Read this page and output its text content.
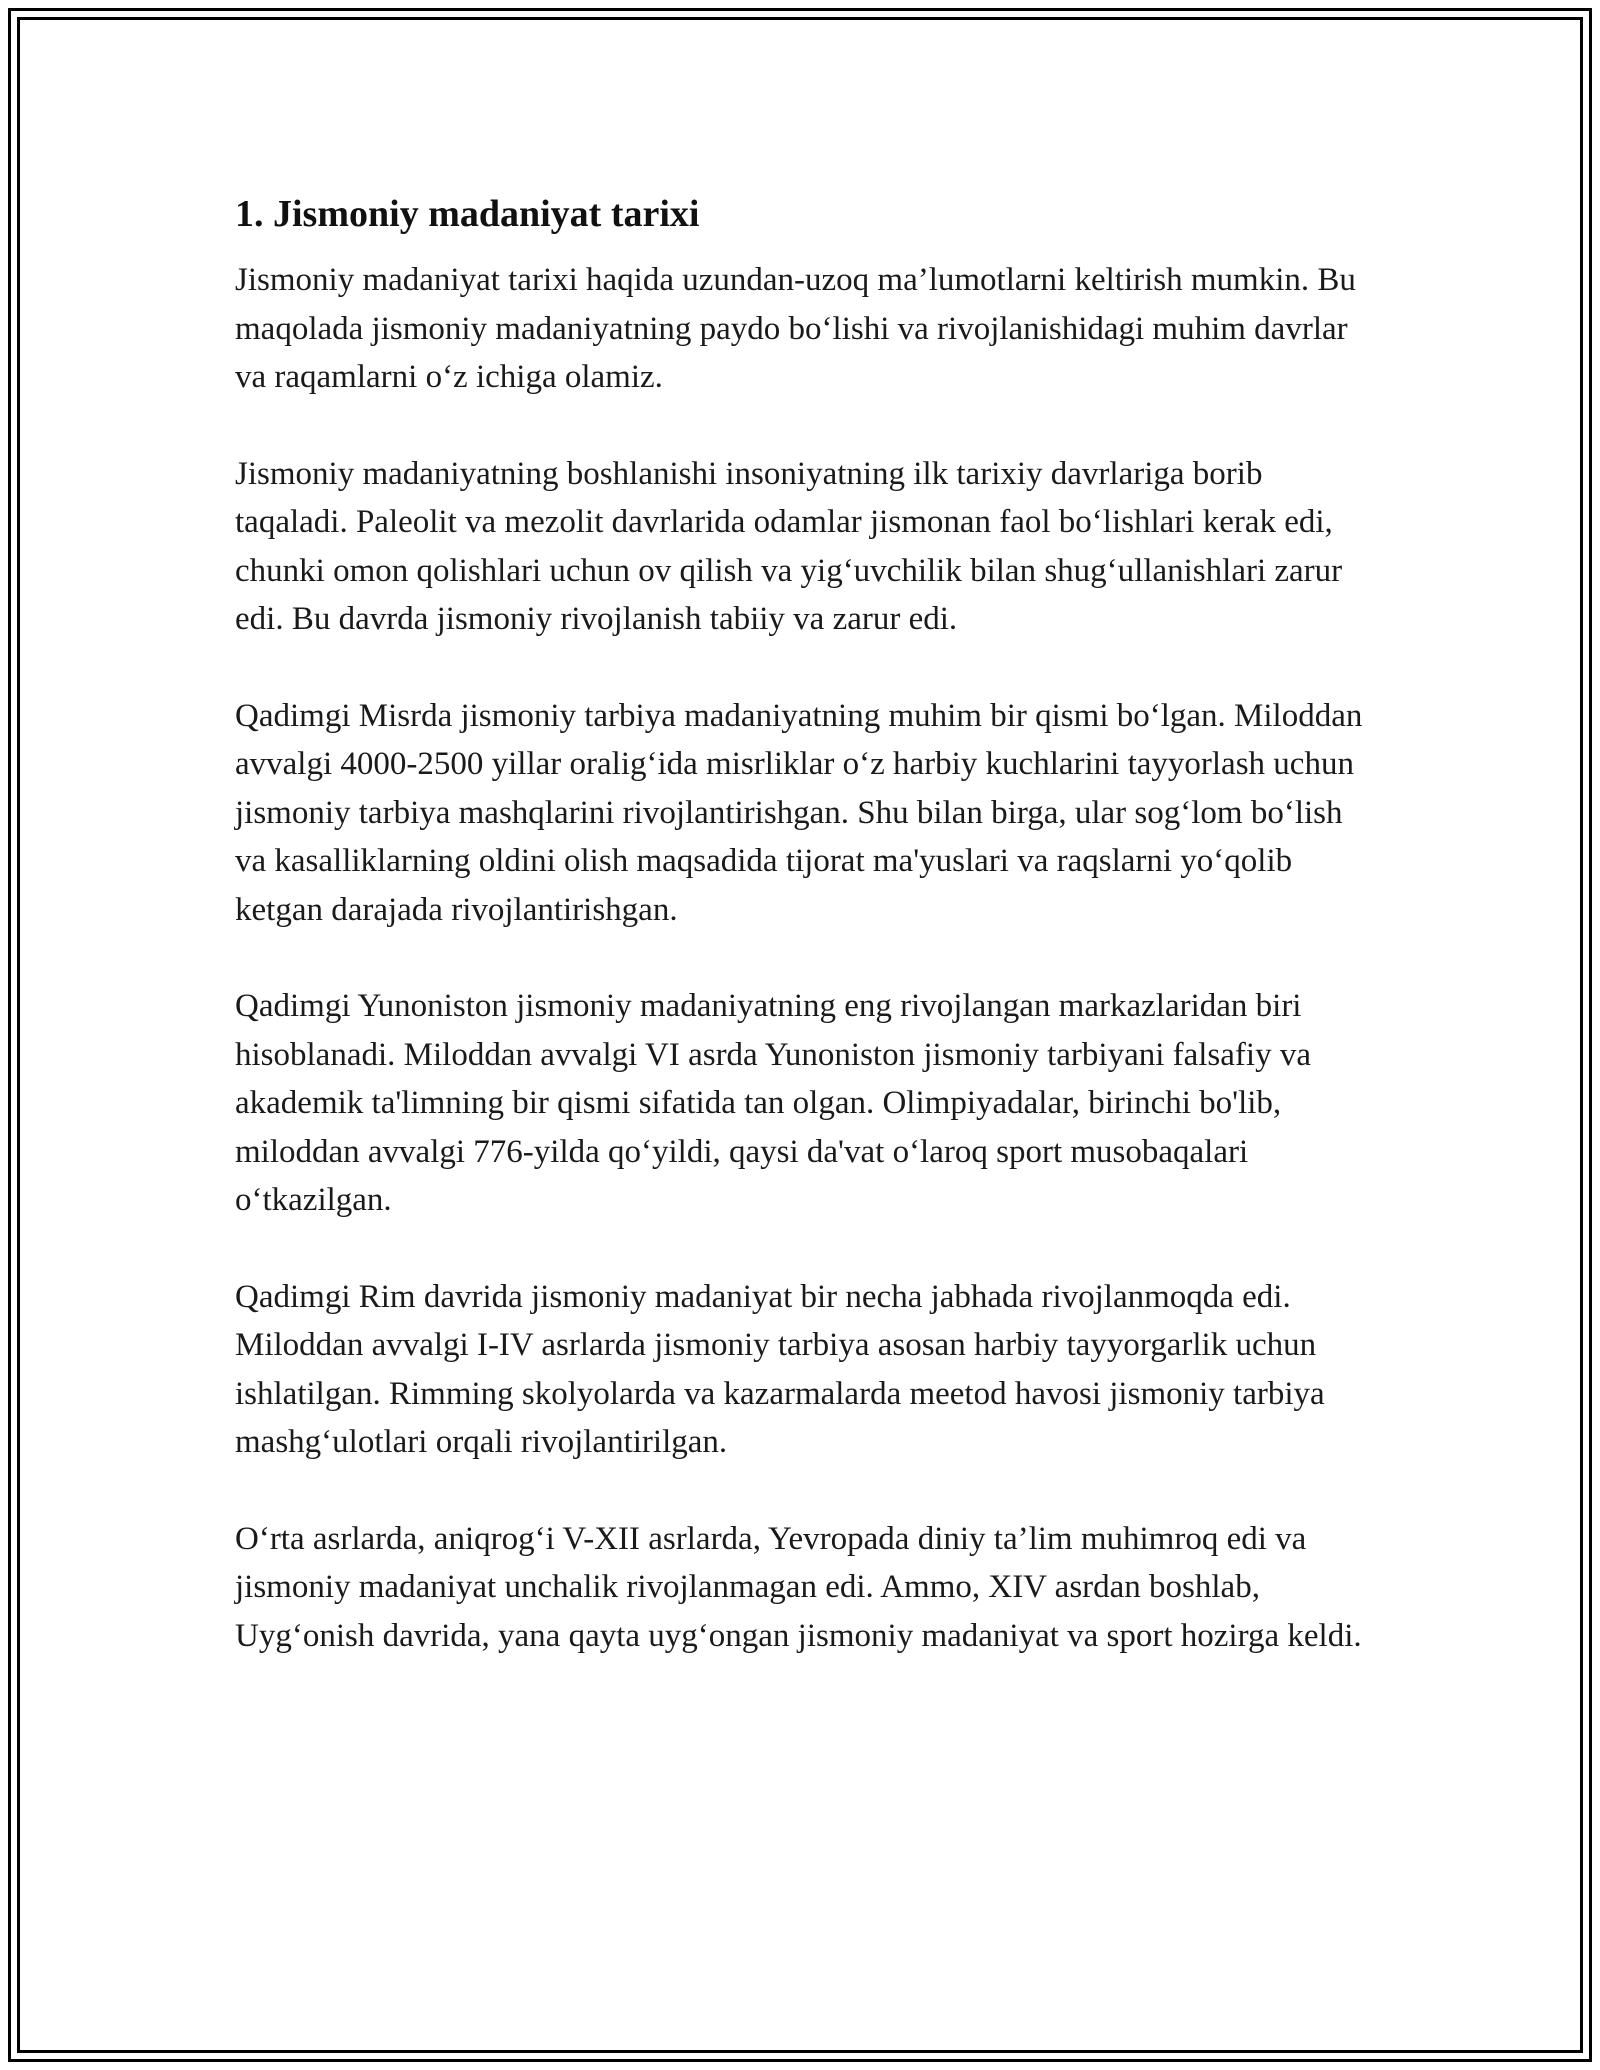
1. Jismoniy madaniyat tarixi

Jismoniy madaniyat tarixi haqida uzundan-uzoq ma’lumotlarni keltirish mumkin. Bu maqolada jismoniy madaniyatning paydo bo‘lishi va rivojlanishidagi muhim davrlar va raqamlarni o‘z ichiga olamiz.

Jismoniy madaniyatning boshlanishi insoniyatning ilk tarixiy davrlariga borib taqaladi. Paleolit va mezolit davrlarida odamlar jismonan faol bo‘lishlari kerak edi, chunki omon qolishlari uchun ov qilish va yig‘uvchilik bilan shug‘ullanishlari zarur edi. Bu davrda jismoniy rivojlanish tabiiy va zarur edi.

Qadimgi Misrda jismoniy tarbiya madaniyatning muhim bir qismi bo‘lgan. Miloddan avvalgi 4000-2500 yillar oralig‘ida misrliklar o‘z harbiy kuchlarini tayyorlash uchun jismoniy tarbiya mashqlarini rivojlantirishgan. Shu bilan birga, ular sog‘lom bo‘lish va kasalliklarning oldini olish maqsadida tijorat ma'yuslari va raqslarni yo‘qolib ketgan darajada rivojlantirishgan.

Qadimgi Yunoniston jismoniy madaniyatning eng rivojlangan markazlaridan biri hisoblanadi. Miloddan avvalgi VI asrda Yunoniston jismoniy tarbiyani falsafiy va akademik ta'limning bir qismi sifatida tan olgan. Olimpiyadalar, birinchi bo'lib, miloddan avvalgi 776-yilda qo‘yildi, qaysi da'vat o‘laroq sport musobaqalari o‘tkazilgan.

Qadimgi Rim davrida jismoniy madaniyat bir necha jabhada rivojlanmoqda edi. Miloddan avvalgi I-IV asrlarda jismoniy tarbiya asosan harbiy tayyorgarlik uchun ishlatilgan. Rimming skolyolarda va kazarmalarda meetod havosi jismoniy tarbiya mashg‘ulotlari orqali rivojlantirilgan.

O‘rta asrlarda, aniqrog‘i V-XII asrlarda, Yevropada diniy ta’lim muhimroq edi va jismoniy madaniyat unchalik rivojlanmagan edi. Ammo, XIV asrdan boshlab, Uyg‘onish davrida, yana qayta uyg‘ongan jismoniy madaniyat va sport hozirga keldi.
